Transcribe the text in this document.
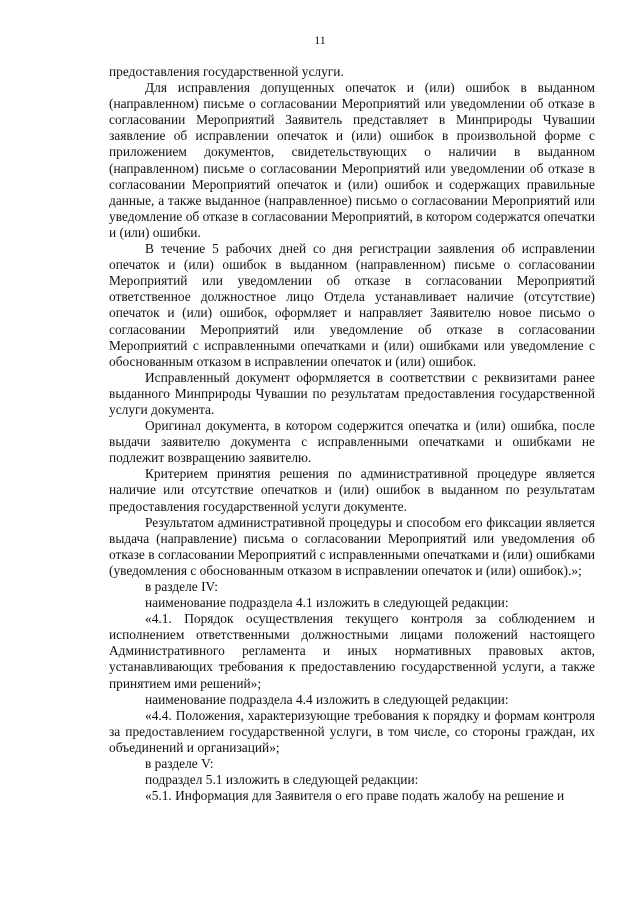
11

предоставления государственной услуги.

Для исправления допущенных опечаток и (или) ошибок в выданном (направленном) письме о согласовании Мероприятий или уведомлении об отказе в согласовании Мероприятий Заявитель представляет в Минприроды Чувашии заявление об исправлении опечаток и (или) ошибок в произвольной форме с приложением документов, свидетельствующих о наличии в выданном (направленном) письме о согласовании Мероприятий или уведомлении об отказе в согласовании Мероприятий опечаток и (или) ошибок и содержащих правильные данные, а также выданное (направленное) письмо о согласовании Мероприятий или уведомление об отказе в согласовании Мероприятий, в котором содержатся опечатки и (или) ошибки.

В течение 5 рабочих дней со дня регистрации заявления об исправлении опечаток и (или) ошибок в выданном (направленном) письме о согласовании Мероприятий или уведомлении об отказе в согласовании Мероприятий ответственное должностное лицо Отдела устанавливает наличие (отсутствие) опечаток и (или) ошибок, оформляет и направляет Заявителю новое письмо о согласовании Мероприятий или уведомление об отказе в согласовании Мероприятий с исправленными опечатками и (или) ошибками или уведомление с обоснованным отказом в исправлении опечаток и (или) ошибок.

Исправленный документ оформляется в соответствии с реквизитами ранее выданного Минприроды Чувашии по результатам предоставления государственной услуги документа.

Оригинал документа, в котором содержится опечатка и (или) ошибка, после выдачи заявителю документа с исправленными опечатками и ошибками не подлежит возвращению заявителю.

Критерием принятия решения по административной процедуре является наличие или отсутствие опечатков и (или) ошибок в выданном по результатам предоставления государственной услуги документе.

Результатом административной процедуры и способом его фиксации является выдача (направление) письма о согласовании Мероприятий или уведомления об отказе в согласовании Мероприятий с исправленными опечатками и (или) ошибками (уведомления с обоснованным отказом в исправлении опечаток и (или) ошибок).»;

в разделе IV:

наименование подраздела 4.1 изложить в следующей редакции:

«4.1. Порядок осуществления текущего контроля за соблюдением и исполнением ответственными должностными лицами положений настоящего Административного регламента и иных нормативных правовых актов, устанавливающих требования к предоставлению государственной услуги, а также принятием ими решений»;

наименование подраздела 4.4 изложить в следующей редакции:

«4.4. Положения, характеризующие требования к порядку и формам контроля за предоставлением государственной услуги, в том числе, со стороны граждан, их объединений и организаций»;

в разделе V:

подраздел 5.1 изложить в следующей редакции:

«5.1. Информация для Заявителя о его праве подать жалобу на решение и
